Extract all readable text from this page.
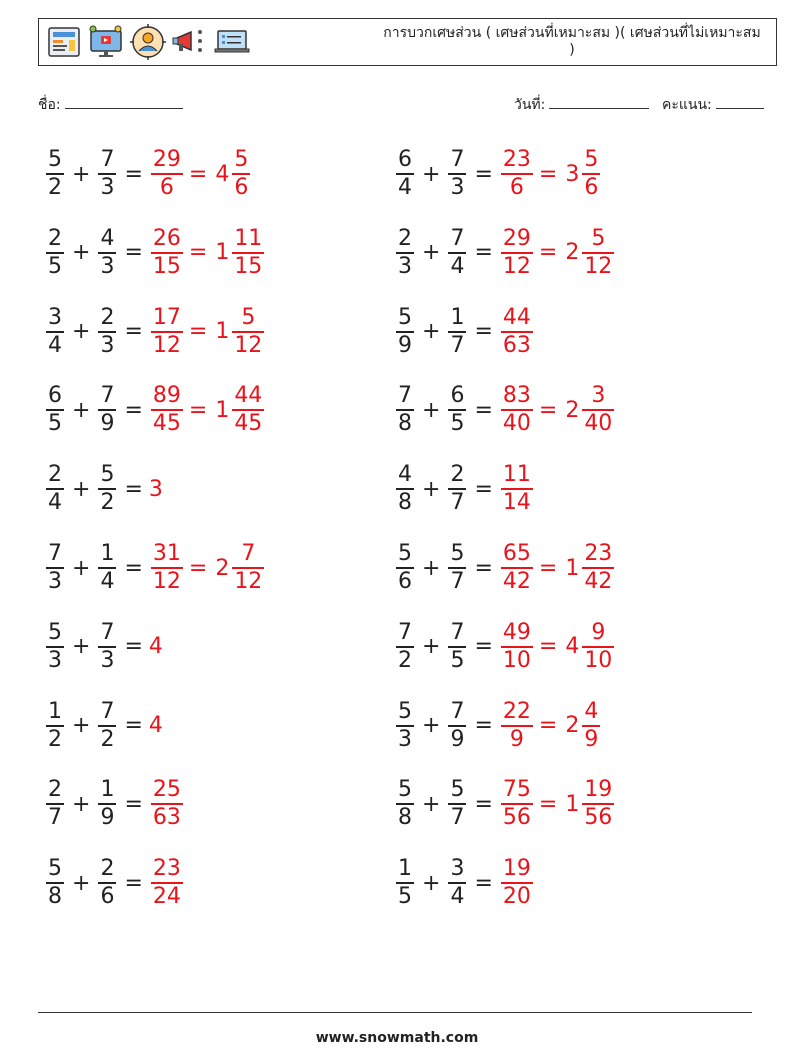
การบวกเศษส่วน ( เศษส่วนที่เหมาะสม )( เศษส่วนที่ไม่เหมาะสม )
ชื่อ:	วันที่:	คะแนน:
$\frac{5}{2} + \frac{7}{3} = \frac{29}{6} = 4 \frac{5}{6}$	$\frac{6}{4} + \frac{7}{3} = \frac{23}{6} = 3 \frac{5}{6}$
$\frac{2}{5} + \frac{4}{3} = \frac{26}{15} = 1 \frac{11}{15}$	$\frac{2}{3} + \frac{7}{4} = \frac{29}{12} = 2 \frac{5}{12}$
$\frac{3}{4} + \frac{2}{3} = \frac{17}{12} = 1 \frac{5}{12}$	$\frac{5}{9} + \frac{1}{7} = \frac{44}{63}$
$\frac{6}{5} + \frac{7}{9} = \frac{89}{45} = 1 \frac{44}{45}$	$\frac{7}{8} + \frac{6}{5} = \frac{83}{40} = 2 \frac{3}{40}$
$\frac{2}{4} + \frac{5}{2} = 3$	$\frac{4}{8} + \frac{2}{7} = \frac{11}{14}$
$\frac{7}{3} + \frac{1}{4} = \frac{31}{12} = 2 \frac{7}{12}$	$\frac{5}{6} + \frac{5}{7} = \frac{65}{42} = 1 \frac{23}{42}$
$\frac{5}{3} + \frac{7}{3} = 4$	$\frac{7}{2} + \frac{7}{5} = \frac{49}{10} = 4 \frac{9}{10}$
$\frac{1}{2} + \frac{7}{2} = 4$	$\frac{5}{3} + \frac{7}{9} = \frac{22}{9} = 2 \frac{4}{9}$
$\frac{2}{7} + \frac{1}{9} = \frac{25}{63}$	$\frac{5}{8} + \frac{5}{7} = \frac{75}{56} = 1 \frac{19}{56}$
$\frac{5}{8} + \frac{2}{6} = \frac{23}{24}$	$\frac{1}{5} + \frac{3}{4} = \frac{19}{20}$
www.snowmath.com
